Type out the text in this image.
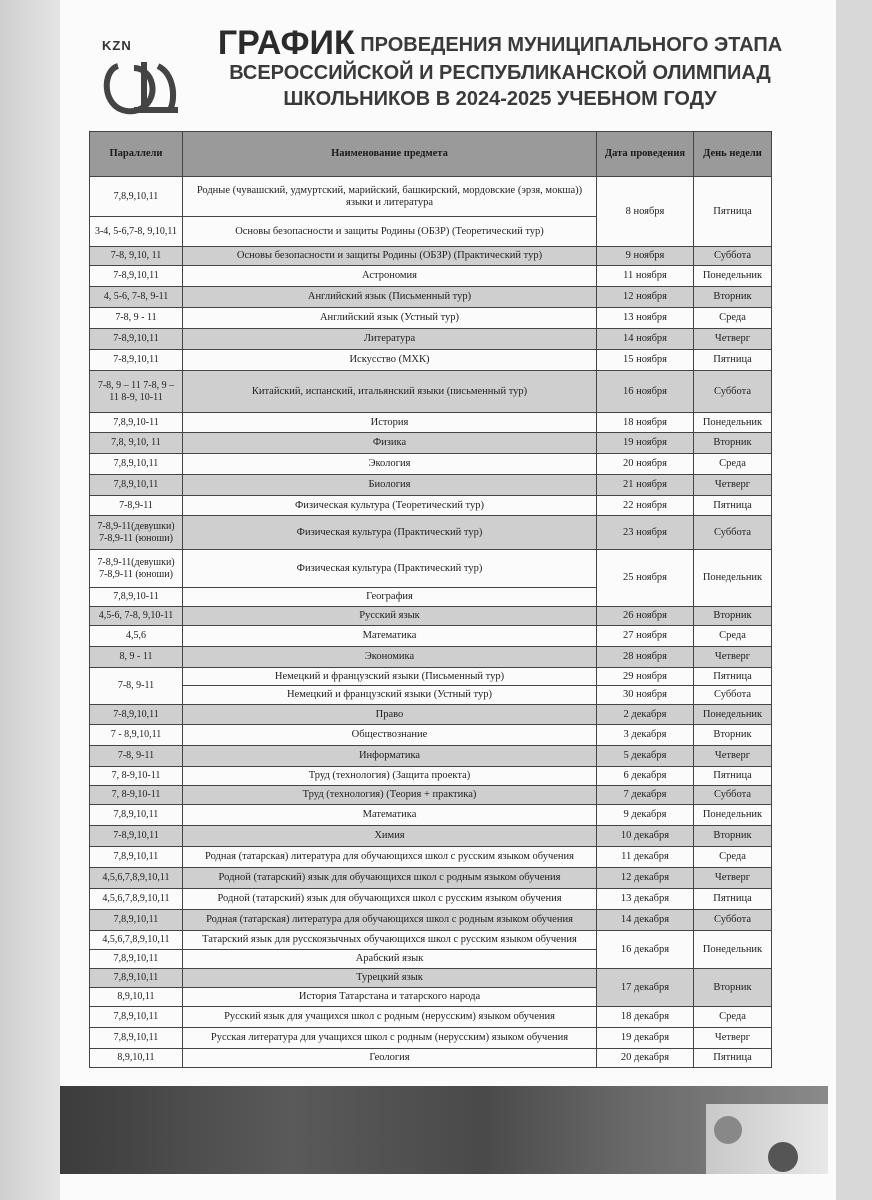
KZN	ГРАФИК ПРОВЕДЕНИЯ МУНИЦИПАЛЬНОГО ЭТАПА
ВСЕРОССИЙСКОЙ И РЕСПУБЛИКАНСКОЙ ОЛИМПИАД
ШКОЛЬНИКОВ В 2024-2025 УЧЕБНОМ ГОДУ
Параллели	Наименование предмета	Дата проведения	День недели
7,8,9,10,11	Родные (чувашский, удмуртский, марийский, башкирский, мордовские (эрзя, мокша)) языки и литература	8 ноября	Пятница
3-4, 5-6,7-8, 9,10,11	Основы безопасности и защиты Родины (ОБЗР) (Теоретический тур)		
7-8, 9,10, 11	Основы безопасности и защиты Родины (ОБЗР) (Практический тур)	9 ноября	Суббота
7-8,9,10,11	Астрономия	11 ноября	Понедельник
4, 5-6, 7-8, 9-11	Английский язык (Письменный тур)	12 ноября	Вторник
7-8, 9 - 11	Английский язык (Устный тур)	13 ноября	Среда
7-8,9,10,11	Литература	14 ноября	Четверг
7-8,9,10,11	Искусство (МХК)	15 ноября	Пятница
7-8, 9 – 11 7-8, 9 – 11 8-9, 10-11	Китайский, испанский, итальянский языки (письменный тур)	16 ноября	Суббота
7,8,9,10-11	История	18 ноября	Понедельник
7,8, 9,10, 11	Физика	19 ноября	Вторник
7,8,9,10,11	Экология	20 ноября	Среда
7,8,9,10,11	Биология	21 ноября	Четверг
7-8,9-11	Физическая культура (Теоретический тур)	22 ноября	Пятница
7-8,9-11(девушки) 7-8,9-11 (юноши)	Физическая культура (Практический тур)	23 ноября	Суббота
7-8,9-11(девушки) 7-8,9-11 (юноши)	Физическая культура (Практический тур)	25 ноября	Понедельник
7,8,9,10-11	География		
4,5-6, 7-8, 9,10-11	Русский язык	26 ноября	Вторник
4,5,6	Математика	27 ноября	Среда
8, 9 - 11	Экономика	28 ноября	Четверг
7-8, 9-11	Немецкий и французский языки (Письменный тур)	29 ноября	Пятница
	Немецкий и французский языки (Устный тур)	30 ноября	Суббота
7-8,9,10,11	Право	2 декабря	Понедельник
7 - 8,9,10,11	Обществознание	3 декабря	Вторник
7-8, 9-11	Информатика	5 декабря	Четверг
7, 8-9,10-11	Труд (технология) (Защита проекта)	6 декабря	Пятница
7, 8-9,10-11	Труд (технология) (Теория + практика)	7 декабря	Суббота
7,8,9,10,11	Математика	9 декабря	Понедельник
7-8,9,10,11	Химия	10 декабря	Вторник
7,8,9,10,11	Родная (татарская) литература для обучающихся школ с русским языком обучения	11 декабря	Среда
4,5,6,7,8,9,10,11	Родной (татарский) язык для обучающихся школ с родным языком обучения	12 декабря	Четверг
4,5,6,7,8,9,10,11	Родной (татарский) язык для обучающихся школ с русским языком обучения	13 декабря	Пятница
7,8,9,10,11	Родная (татарская) литература для обучающихся школ с родным языком обучения	14 декабря	Суббота
4,5,6,7,8,9,10,11	Татарский язык для русскоязычных обучающихся школ с русским языком обучения	16 декабря	Понедельник
7,8,9,10,11	Арабский язык		
7,8,9,10,11	Турецкий язык	17 декабря	Вторник
8,9,10,11	История Татарстана и татарского народа		
7,8,9,10,11	Русский язык для учащихся школ с родным (нерусским) языком обучения	18 декабря	Среда
7,8,9,10,11	Русская литература для учащихся школ с родным (нерусским) языком обучения	19 декабря	Четверг
8,9,10,11	Геология	20 декабря	Пятница
